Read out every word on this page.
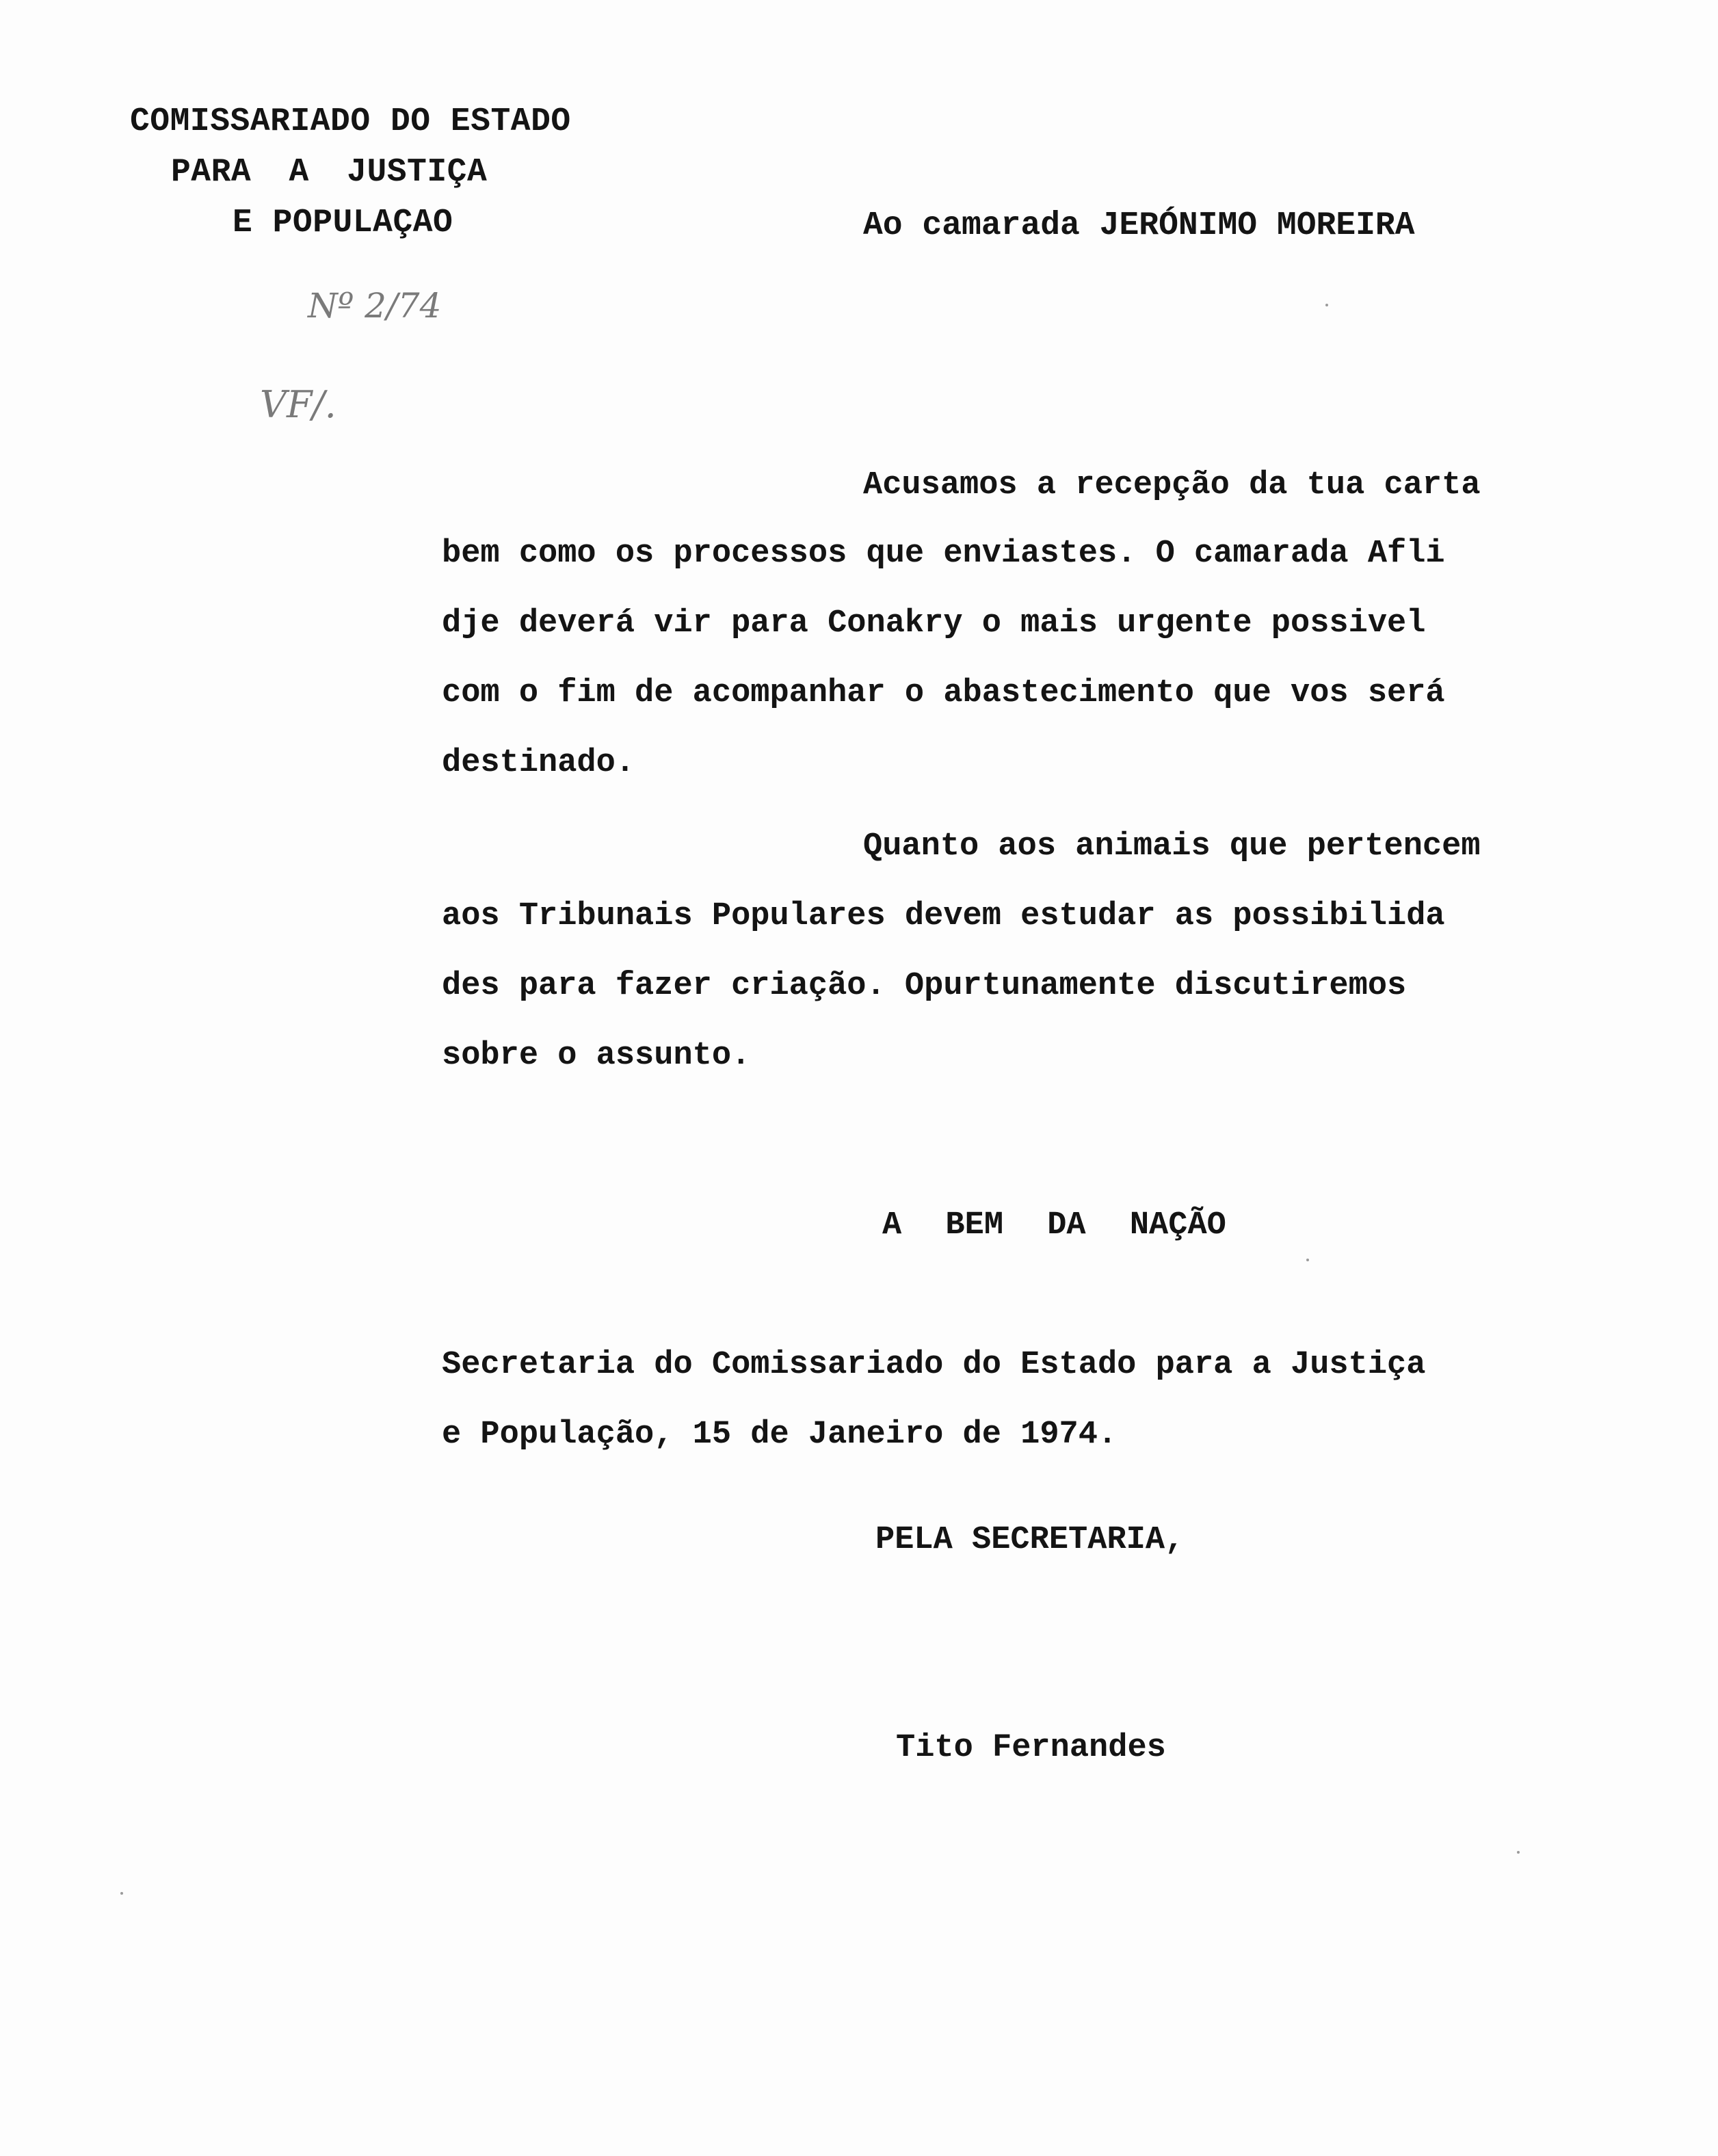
COMISSARIADO DO ESTADO
PARA A JUSTIÇA
E POPULAÇAO	Ao camarada JERÓNIMO MOREIRA
Nº 2/74
VF/.
Acusamos a recepção da tua carta
bem como os processos que enviastes. O camarada Afli
dje deverá vir para Conakry o mais urgente possivel
com o fim de acompanhar o abastecimento que vos será
destinado.
Quanto aos animais que pertencem
aos Tribunais Populares devem estudar as possibilida
des para fazer criação. Opurtunamente discutiremos
sobre o assunto.
A BEM DA NAÇÃO
Secretaria do Comissariado do Estado para a Justiça
e População, 15 de Janeiro de 1974.
PELA SECRETARIA,
Tito Fernandes
